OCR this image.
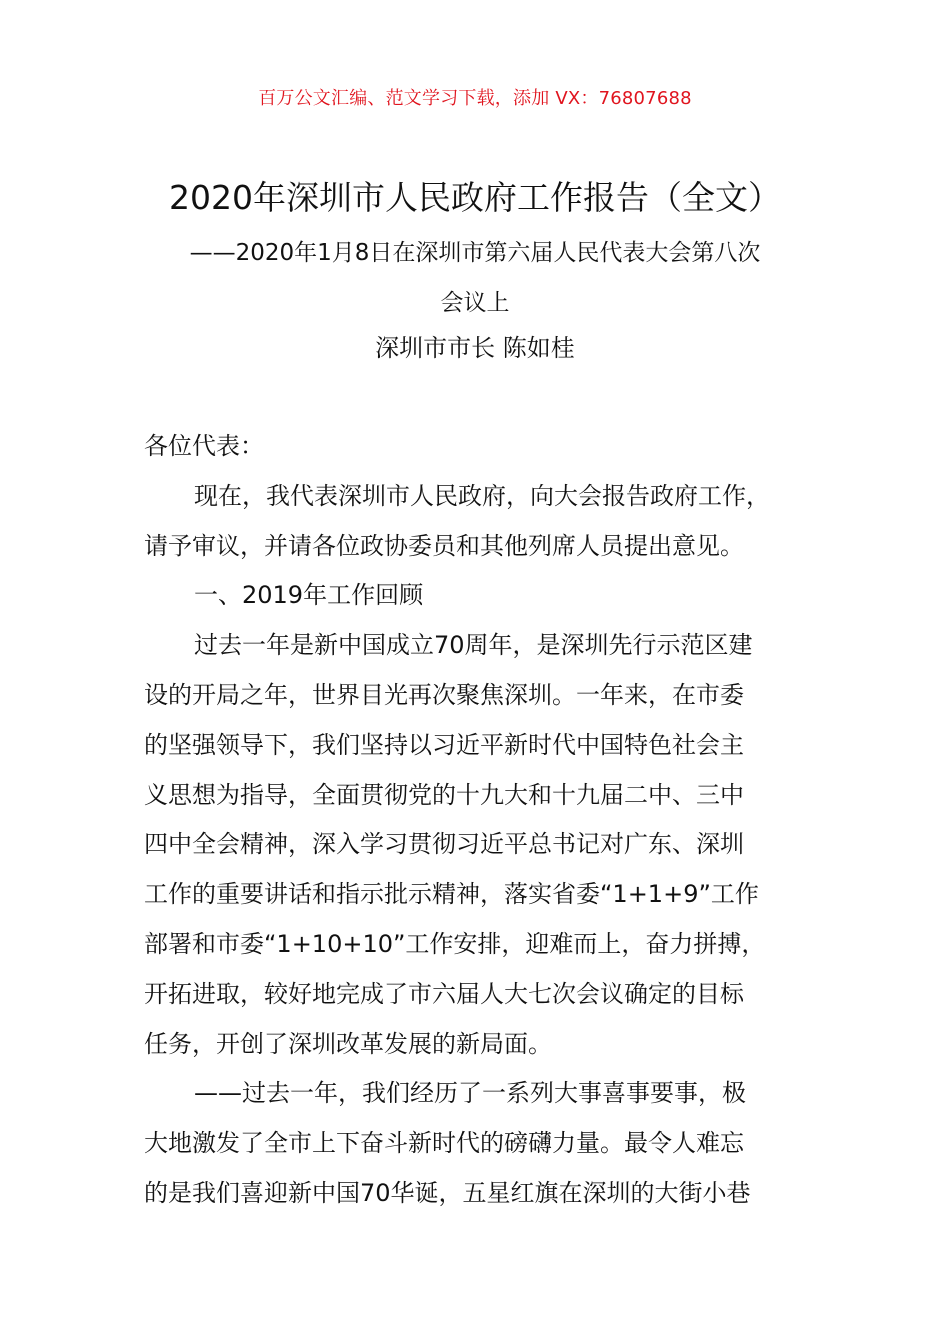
百万公文汇编、范文学习下载，添加 VX：76807688
2020年深圳市人民政府工作报告（全文）
——2020年1月8日在深圳市第六届人民代表大会第八次
会议上
深圳市市长 陈如桂
各位代表：
现在，我代表深圳市人民政府，向大会报告政府工作，
请予审议，并请各位政协委员和其他列席人员提出意见。
一、2019年工作回顾
过去一年是新中国成立70周年，是深圳先行示范区建
设的开局之年，世界目光再次聚焦深圳。一年来，在市委
的坚强领导下，我们坚持以习近平新时代中国特色社会主
义思想为指导，全面贯彻党的十九大和十九届二中、三中
四中全会精神，深入学习贯彻习近平总书记对广东、深圳
工作的重要讲话和指示批示精神，落实省委“1+1+9”工作
部署和市委“1+10+10”工作安排，迎难而上，奋力拼搏，
开拓进取，较好地完成了市六届人大七次会议确定的目标
任务，开创了深圳改革发展的新局面。
——过去一年，我们经历了一系列大事喜事要事，极
大地激发了全市上下奋斗新时代的磅礴力量。最令人难忘
的是我们喜迎新中国70华诞，五星红旗在深圳的大街小巷
